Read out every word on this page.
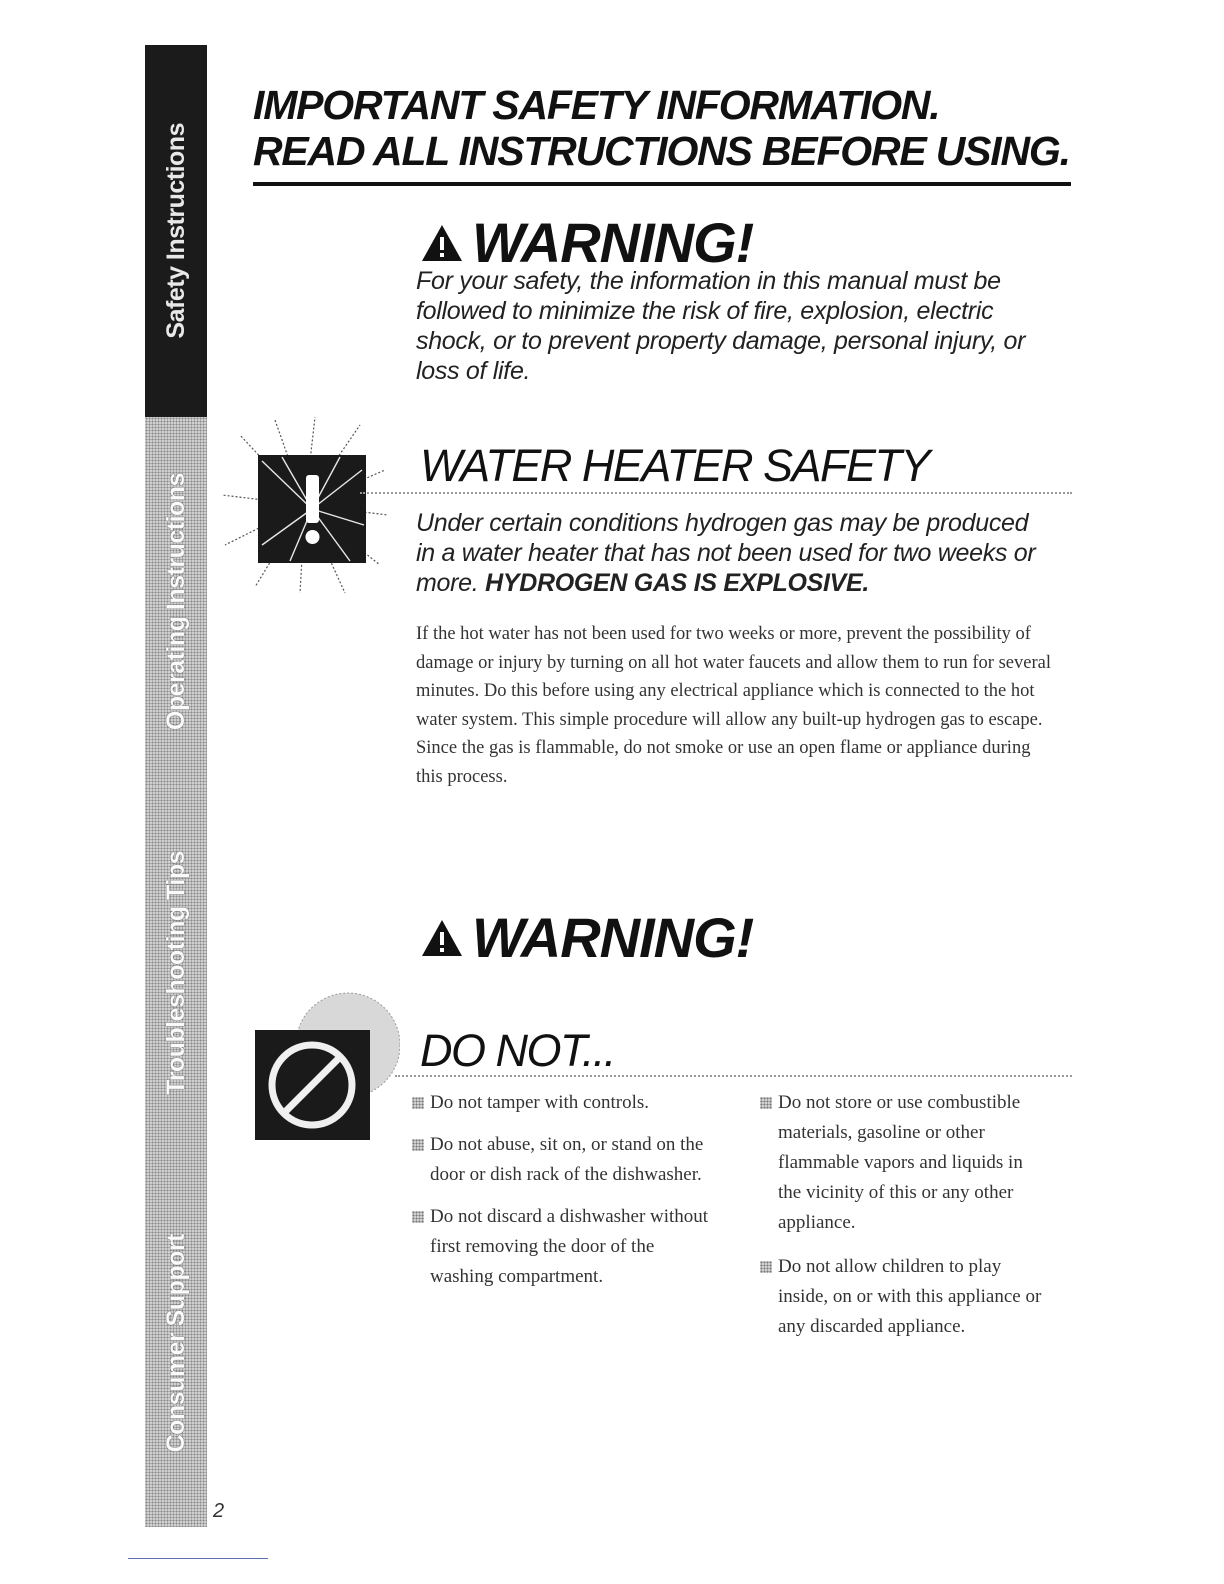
Safety Instructions
Operating Instructions
Troubleshooting Tips
Consumer Support
2
IMPORTANT SAFETY INFORMATION.
READ ALL INSTRUCTIONS BEFORE USING.
WARNING!
For your safety, the information in this manual must be followed to minimize the risk of fire, explosion, electric shock, or to prevent property damage, personal injury, or loss of life.
WATER HEATER SAFETY
Under certain conditions hydrogen gas may be produced in a water heater that has not been used for two weeks or more. HYDROGEN GAS IS EXPLOSIVE.
If the hot water has not been used for two weeks or more, prevent the possibility of damage or injury by turning on all hot water faucets and allow them to run for several minutes. Do this before using any electrical appliance which is connected to the hot water system. This simple procedure will allow any built-up hydrogen gas to escape. Since the gas is flammable, do not smoke or use an open flame or appliance during this process.
WARNING!
DO NOT...
Do not tamper with controls.
Do not abuse, sit on, or stand on the door or dish rack of the dishwasher.
Do not discard a dishwasher without first removing the door of the washing compartment.
Do not store or use combustible materials, gasoline or other flammable vapors and liquids in the vicinity of this or any other appliance.
Do not allow children to play inside, on or with this appliance or any discarded appliance.
